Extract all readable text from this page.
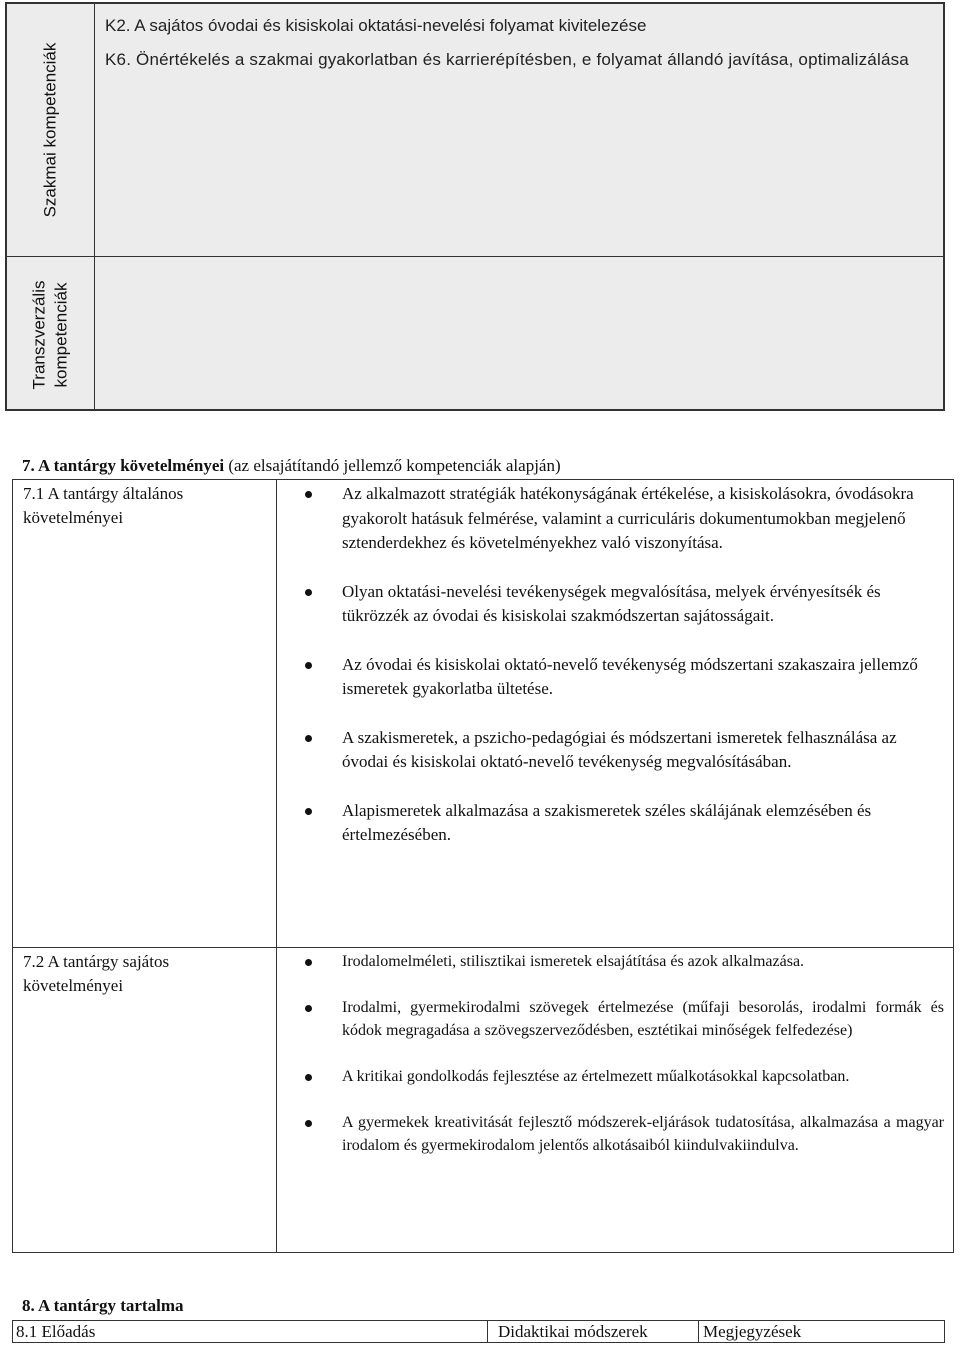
Szakmai kompetenciák
Transzverzális kompetenciák

K2. A sajátos óvodai és kisiskolai oktatási-nevelési folyamat kivitelezése

K6. Önértékelés a szakmai gyakorlatban és karrierépítésben, e folyamat állandó javítása, optimalizálása

7. A tantárgy követelményei (az elsajátítandó jellemző kompetenciák alapján)
7.1 A tantárgy általános követelményei
Az alkalmazott stratégiák hatékonyságának értékelése, a kisiskolásokra, óvodásokra gyakorolt hatásuk felmérése, valamint a curriculáris dokumentumokban megjelenő sztenderdekhez és követelményekhez való viszonyítása.
Olyan oktatási-nevelési tevékenységek megvalósítása, melyek érvényesítsék és tükrözzék az óvodai és kisiskolai szakmódszertan sajátosságait.
Az óvodai és kisiskolai oktató-nevelő tevékenység módszertani szakaszaira jellemző ismeretek gyakorlatba ültetése.
A szakismeretek, a pszicho-pedagógiai és módszertani ismeretek felhasználása az óvodai és kisiskolai oktató-nevelő tevékenység megvalósításában.
Alapismeretek alkalmazása a szakismeretek széles skálájának elemzésében és értelmezésében.
7.2 A tantárgy sajátos követelményei
Irodalomelméleti, stilisztikai ismeretek elsajátítása és azok alkalmazása.
Irodalmi, gyermekirodalmi szövegek értelmezése (műfaji besorolás, irodalmi formák és kódok megragadása a szövegszerveződésben, esztétikai minőségek felfedezése)
A kritikai gondolkodás fejlesztése az értelmezett műalkotásokkal kapcsolatban.
A gyermekek kreativitását fejlesztő módszerek-eljárások tudatosítása, alkalmazása a magyar irodalom és gyermekirodalom jelentős alkotásaiból kiindulvakiindulva.
8. A tantárgy tartalma
8.1 Előadás	Didaktikai módszerek	Megjegyzések
